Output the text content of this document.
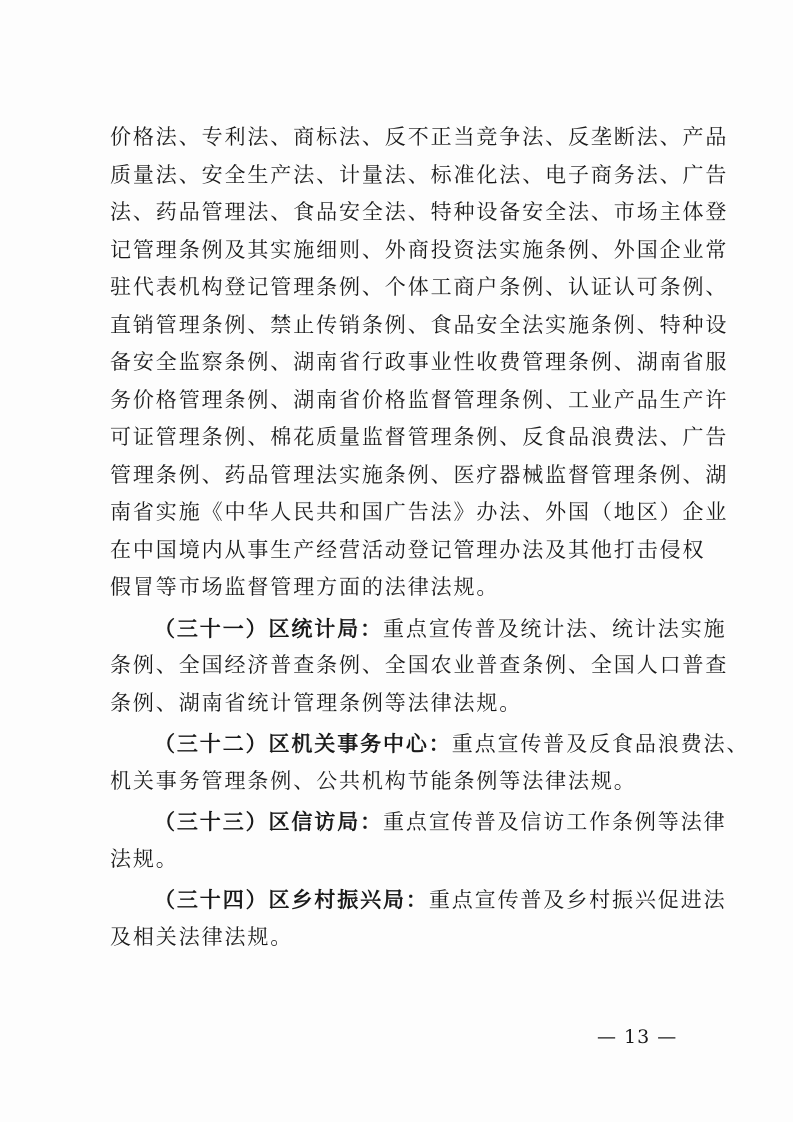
价格法、专利法、商标法、反不正当竞争法、反垄断法、产品
质量法、安全生产法、计量法、标准化法、电子商务法、广告
法、药品管理法、食品安全法、特种设备安全法、市场主体登
记管理条例及其实施细则、外商投资法实施条例、外国企业常
驻代表机构登记管理条例、个体工商户条例、认证认可条例、
直销管理条例、禁止传销条例、食品安全法实施条例、特种设
备安全监察条例、湖南省行政事业性收费管理条例、湖南省服
务价格管理条例、湖南省价格监督管理条例、工业产品生产许
可证管理条例、棉花质量监督管理条例、反食品浪费法、广告
管理条例、药品管理法实施条例、医疗器械监督管理条例、湖
南省实施《中华人民共和国广告法》办法、外国（地区）企业
在中国境内从事生产经营活动登记管理办法及其他打击侵权
假冒等市场监督管理方面的法律法规。
（三十一）区统计局：重点宣传普及统计法、统计法实施
条例、全国经济普查条例、全国农业普查条例、全国人口普查
条例、湖南省统计管理条例等法律法规。
（三十二）区机关事务中心：重点宣传普及反食品浪费法、
机关事务管理条例、公共机构节能条例等法律法规。
（三十三）区信访局：重点宣传普及信访工作条例等法律
法规。
（三十四）区乡村振兴局：重点宣传普及乡村振兴促进法
及相关法律法规。
— 13 —
